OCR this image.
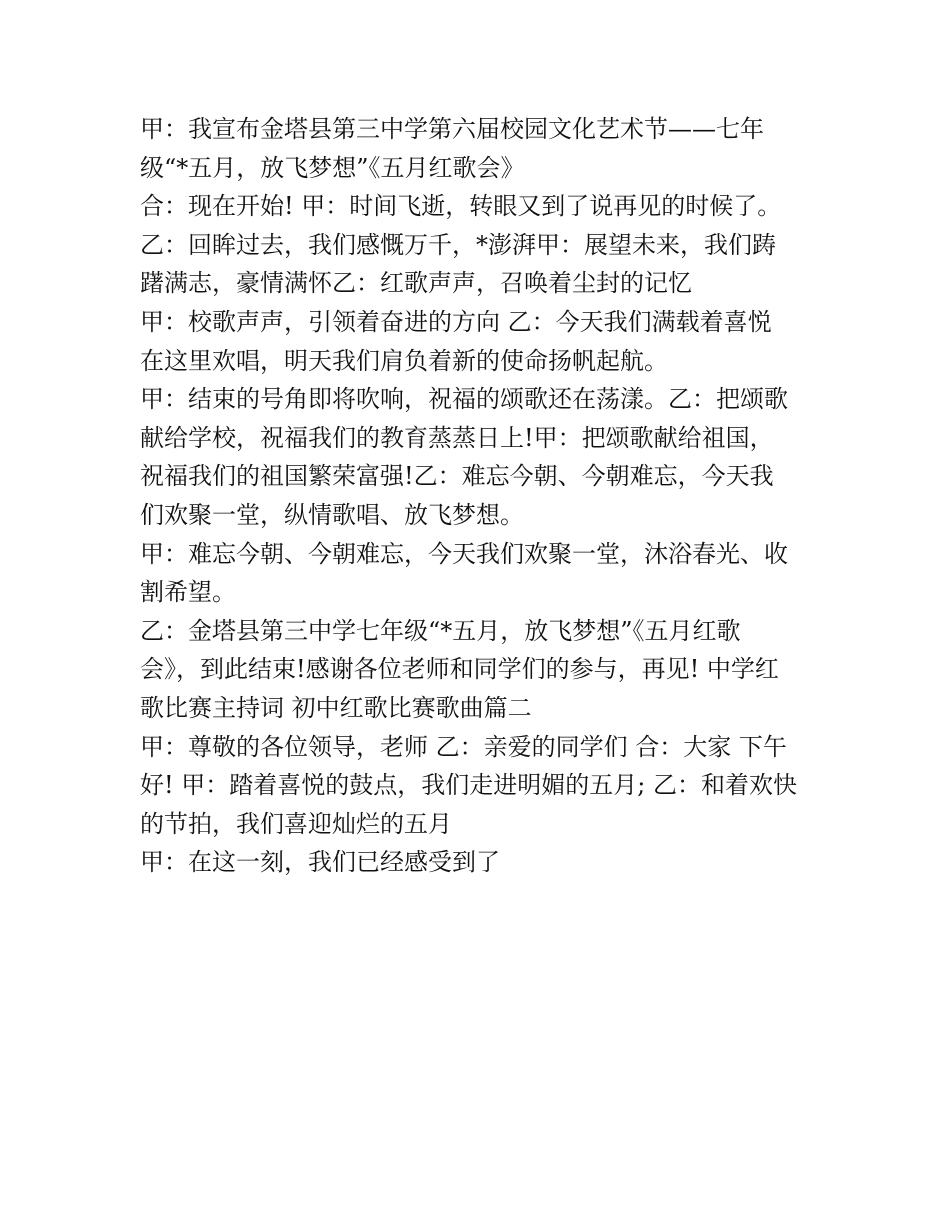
甲：我宣布金塔县第三中学第六届校园文化艺术节——七年
级“*五月，放飞梦想”《五月红歌会》
合：现在开始! 甲：时间飞逝，转眼又到了说再见的时候了。
乙：回眸过去，我们感慨万千，*澎湃甲：展望未来，我们踌
躇满志，豪情满怀乙：红歌声声，召唤着尘封的记忆
甲：校歌声声，引领着奋进的方向 乙：今天我们满载着喜悦
在这里欢唱，明天我们肩负着新的使命扬帆起航。
甲：结束的号角即将吹响，祝福的颂歌还在荡漾。乙：把颂歌
献给学校，祝福我们的教育蒸蒸日上!甲：把颂歌献给祖国，
祝福我们的祖国繁荣富强!乙：难忘今朝、今朝难忘，今天我
们欢聚一堂，纵情歌唱、放飞梦想。
甲：难忘今朝、今朝难忘，今天我们欢聚一堂，沐浴春光、收
割希望。
乙：金塔县第三中学七年级“*五月，放飞梦想”《五月红歌
会》，到此结束!感谢各位老师和同学们的参与，再见! 中学红
歌比赛主持词 初中红歌比赛歌曲篇二
甲：尊敬的各位领导，老师 乙：亲爱的同学们 合：大家 下午
好! 甲：踏着喜悦的鼓点，我们走进明媚的五月; 乙：和着欢快
的节拍，我们喜迎灿烂的五月
甲：在这一刻，我们已经感受到了
